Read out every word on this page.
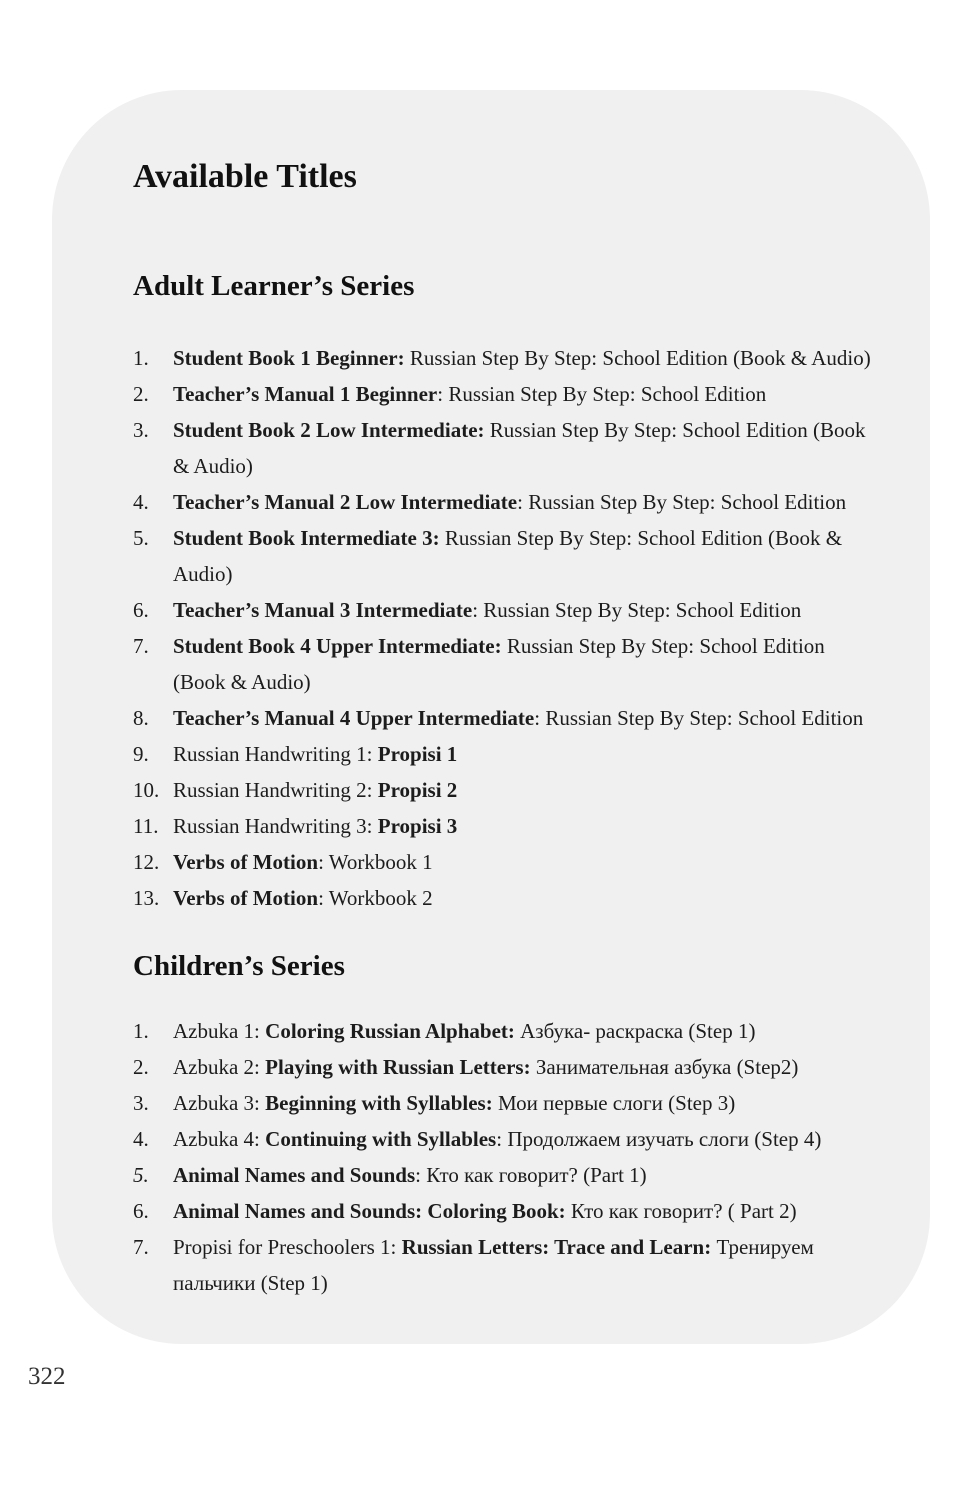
Available Titles
Adult Learner’s Series
1.	Student Book 1 Beginner: Russian Step By Step: School Edition (Book & Audio)
2.	Teacher’s Manual 1 Beginner: Russian Step By Step: School Edition
3.	Student Book 2 Low Intermediate: Russian Step By Step: School Edition (Book
& Audio)
4.	Teacher’s Manual 2 Low Intermediate: Russian Step By Step: School Edition
5.	Student Book Intermediate 3: Russian Step By Step: School Edition (Book &
Audio)
6.	Teacher’s Manual 3 Intermediate: Russian Step By Step: School Edition
7.	Student Book 4 Upper Intermediate: Russian Step By Step: School Edition
(Book & Audio)
8.	Teacher’s Manual 4 Upper Intermediate: Russian Step By Step: School Edition
9.	Russian Handwriting 1: Propisi 1
10. Russian Handwriting 2: Propisi 2
11. Russian Handwriting 3: Propisi 3
12. Verbs of Motion: Workbook 1
13. Verbs of Motion: Workbook 2
Children’s Series
1.	Azbuka 1: Coloring Russian Alphabet: Азбука- раскраска (Step 1)
2.	Azbuka 2: Playing with Russian Letters: Занимательная азбука (Step2)
3.	Azbuka 3: Beginning with Syllables: Мои первые слоги (Step 3)
4.	Azbuka 4: Continuing with Syllables: Продолжаем изучать слоги (Step 4)
5.	Animal Names and Sounds: Кто как говорит? (Part 1)
6.	Animal Names and Sounds: Coloring Book: Кто как говорит? ( Part 2)
7.	Propisi for Preschoolers 1: Russian Letters: Trace and Learn: Тренируем
пальчики (Step 1)
322
